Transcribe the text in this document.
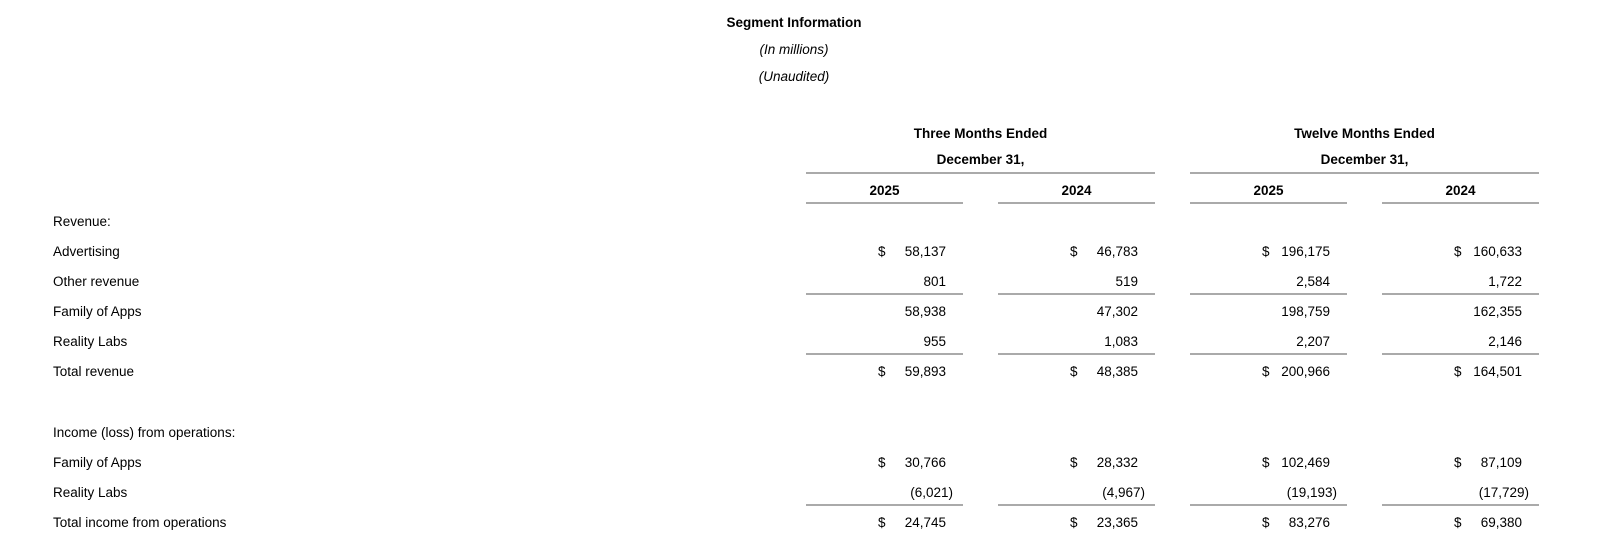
Segment Information
(In millions)
(Unaudited)
Three Months Ended
December 31,
Twelve Months Ended
December 31,
2025	2024	2025	2024
Revenue:
Advertising	$ 58,137	$ 46,783	$ 196,175	$ 160,633
Other revenue	801	519	2,584	1,722
Family of Apps	58,938	47,302	198,759	162,355
Reality Labs	955	1,083	2,207	2,146
Total revenue	$ 59,893	$ 48,385	$ 200,966	$ 164,501
Income (loss) from operations:
Family of Apps	$ 30,766	$ 28,332	$ 102,469	$ 87,109
Reality Labs	(6,021)	(4,967)	(19,193)	(17,729)
Total income from operations	$ 24,745	$ 23,365	$ 83,276	$ 69,380
